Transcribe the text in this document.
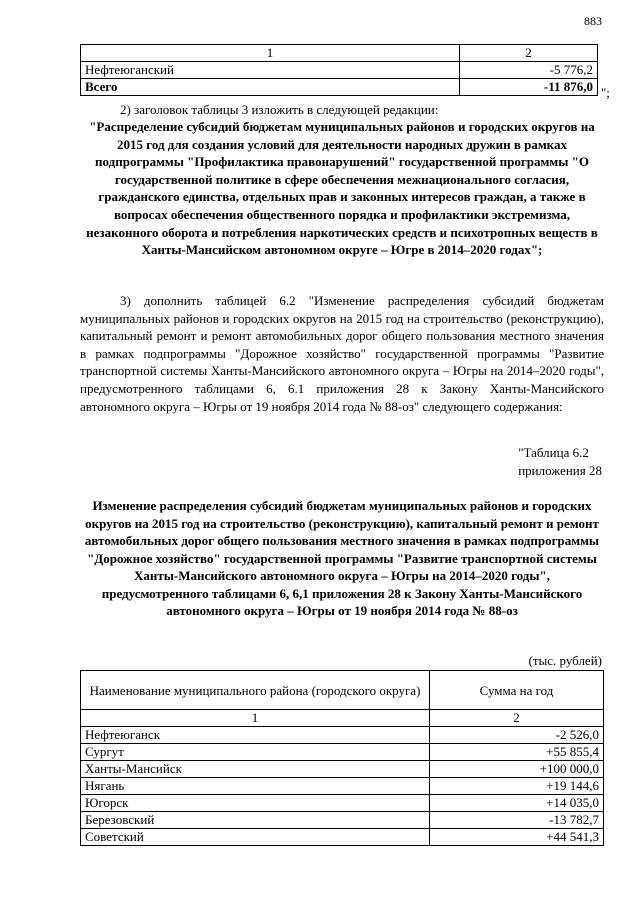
883
1	2
Нефтеюганский	-5 776,2
Всего	-11 876,0 ";
2) заголовок таблицы 3 изложить в следующей редакции:
"Распределение субсидий бюджетам муниципальных районов и городских округов на 2015 год для создания условий для деятельности народных дружин в рамках подпрограммы "Профилактика правонарушений" государственной программы "О государственной политике в сфере обеспечения межнационального согласия, гражданского единства, отдельных прав и законных интересов граждан, а также в вопросах обеспечения общественного порядка и профилактики экстремизма, незаконного оборота и потребления наркотических средств и психотропных веществ в Ханты-Мансийском автономном округе – Югре в 2014–2020 годах";
3) дополнить таблицей 6.2 "Изменение распределения субсидий бюджетам муниципальных районов и городских округов на 2015 год на строительство (реконструкцию), капитальный ремонт и ремонт автомобильных дорог общего пользования местного значения в рамках подпрограммы "Дорожное хозяйство" государственной программы "Развитие транспортной системы Ханты-Мансийского автономного округа – Югры на 2014–2020 годы", предусмотренного таблицами 6, 6.1 приложения 28 к Закону Ханты-Мансийского автономного округа – Югры от 19 ноября 2014 года № 88-оз" следующего содержания:
"Таблица 6.2
приложения 28
Изменение распределения субсидий бюджетам муниципальных районов и городских округов на 2015 год на строительство (реконструкцию), капитальный ремонт и ремонт автомобильных дорог общего пользования местного значения в рамках подпрограммы "Дорожное хозяйство" государственной программы "Развитие транспортной системы Ханты-Мансийского автономного округа – Югры на 2014–2020 годы", предусмотренного таблицами 6, 6,1 приложения 28 к Закону Ханты-Мансийского автономного округа – Югры от 19 ноября 2014 года № 88-оз
(тыс. рублей)
Наименование муниципального района (городского округа)	Сумма на год
1	2
Нефтеюганск	-2 526,0
Сургут	+55 855,4
Ханты-Мансийск	+100 000,0
Нягань	+19 144,6
Югорск	+14 035,0
Березовский	-13 782,7
Советский	+44 541,3
